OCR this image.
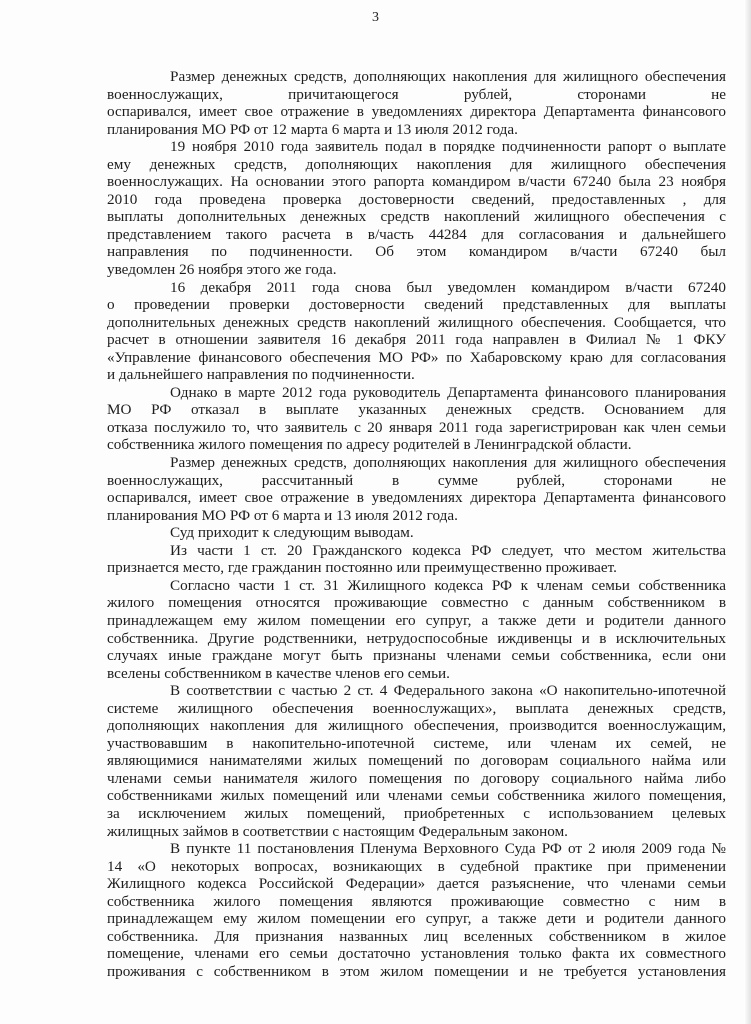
3
Размер денежных средств, дополняющих накопления для жилищного обеспечения
военнослужащих, причитающегося рублей, сторонами не
оспаривался, имеет свое отражение в уведомлениях директора Департамента финансового
планирования МО РФ от 12 марта 6 марта и 13 июля 2012 года.
19 ноября 2010 года заявитель подал в порядке подчиненности рапорт о выплате
ему денежных средств, дополняющих накопления для жилищного обеспечения
военнослужащих. На основании этого рапорта командиром в/части 67240 была 23 ноября
2010 года проведена проверка достоверности сведений, предоставленных , для
выплаты дополнительных денежных средств накоплений жилищного обеспечения с
представлением такого расчета в в/часть 44284 для согласования и дальнейшего
направления по подчиненности. Об этом командиром в/части 67240 был
уведомлен 26 ноября этого же года.
16 декабря 2011 года снова был уведомлен командиром в/части 67240
о проведении проверки достоверности сведений представленных для выплаты
дополнительных денежных средств накоплений жилищного обеспечения. Сообщается, что
расчет в отношении заявителя 16 декабря 2011 года направлен в Филиал № 1 ФКУ
«Управление финансового обеспечения МО РФ» по Хабаровскому краю для согласования
и дальнейшего направления по подчиненности.
Однако в марте 2012 года руководитель Департамента финансового планирования
МО РФ отказал в выплате указанных денежных средств. Основанием для
отказа послужило то, что заявитель с 20 января 2011 года зарегистрирован как член семьи
собственника жилого помещения по адресу родителей в Ленинградской области.
Размер денежных средств, дополняющих накопления для жилищного обеспечения
военнослужащих, рассчитанный в сумме рублей, сторонами не
оспаривался, имеет свое отражение в уведомлениях директора Департамента финансового
планирования МО РФ от 6 марта и 13 июля 2012 года.
Суд приходит к следующим выводам.
Из части 1 ст. 20 Гражданского кодекса РФ следует, что местом жительства
признается место, где гражданин постоянно или преимущественно проживает.
Согласно части 1 ст. 31 Жилищного кодекса РФ к членам семьи собственника
жилого помещения относятся проживающие совместно с данным собственником в
принадлежащем ему жилом помещении его супруг, а также дети и родители данного
собственника. Другие родственники, нетрудоспособные иждивенцы и в исключительных
случаях иные граждане могут быть признаны членами семьи собственника, если они
вселены собственником в качестве членов его семьи.
В соответствии с частью 2 ст. 4 Федерального закона «О накопительно-ипотечной
системе жилищного обеспечения военнослужащих», выплата денежных средств,
дополняющих накопления для жилищного обеспечения, производится военнослужащим,
участвовавшим в накопительно-ипотечной системе, или членам их семей, не
являющимися нанимателями жилых помещений по договорам социального найма или
членами семьи нанимателя жилого помещения по договору социального найма либо
собственниками жилых помещений или членами семьи собственника жилого помещения,
за исключением жилых помещений, приобретенных с использованием целевых
жилищных займов в соответствии с настоящим Федеральным законом.
В пункте 11 постановления Пленума Верховного Суда РФ от 2 июля 2009 года №
14 «О некоторых вопросах, возникающих в судебной практике при применении
Жилищного кодекса Российской Федерации» дается разъяснение, что членами семьи
собственника жилого помещения являются проживающие совместно с ним в
принадлежащем ему жилом помещении его супруг, а также дети и родители данного
собственника. Для признания названных лиц вселенных собственником в жилое
помещение, членами его семьи достаточно установления только факта их совместного
проживания с собственником в этом жилом помещении и не требуется установления
